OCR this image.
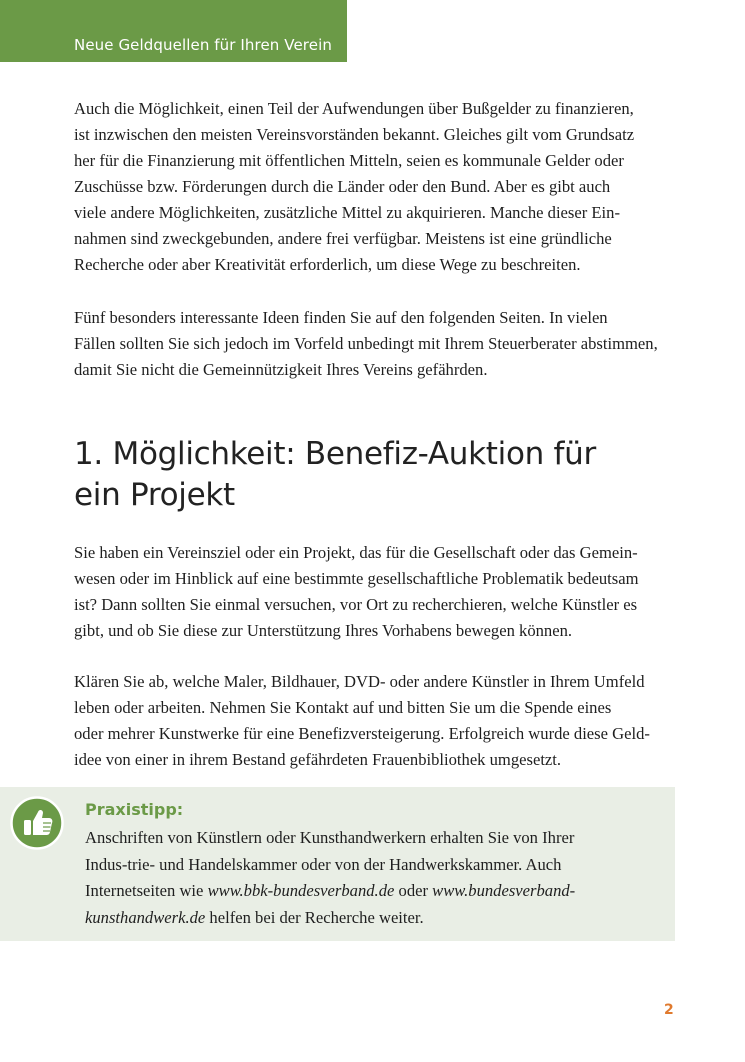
Neue Geldquellen für Ihren Verein

Auch die Möglichkeit, einen Teil der Aufwendungen über Bußgelder zu finanzieren,
ist inzwischen den meisten Vereinsvorständen bekannt. Gleiches gilt vom Grundsatz
her für die Finanzierung mit öffentlichen Mitteln, seien es kommunale Gelder oder
Zuschüsse bzw. Förderungen durch die Länder oder den Bund. Aber es gibt auch
viele andere Möglichkeiten, zusätzliche Mittel zu akquirieren. Manche dieser Ein-
nahmen sind zweckgebunden, andere frei verfügbar. Meistens ist eine gründliche
Recherche oder aber Kreativität erforderlich, um diese Wege zu beschreiten.

Fünf besonders interessante Ideen finden Sie auf den folgenden Seiten. In vielen
Fällen sollten Sie sich jedoch im Vorfeld unbedingt mit Ihrem Steuerberater abstimmen,
damit Sie nicht die Gemeinnützigkeit Ihres Vereins gefährden.

1. Möglichkeit: Benefiz-Auktion für
ein Projekt

Sie haben ein Vereinsziel oder ein Projekt, das für die Gesellschaft oder das Gemein-
wesen oder im Hinblick auf eine bestimmte gesellschaftliche Problematik bedeutsam
ist? Dann sollten Sie einmal versuchen, vor Ort zu recherchieren, welche Künstler es
gibt, und ob Sie diese zur Unterstützung Ihres Vorhabens bewegen können.

Klären Sie ab, welche Maler, Bildhauer, DVD- oder andere Künstler in Ihrem Umfeld
leben oder arbeiten. Nehmen Sie Kontakt auf und bitten Sie um die Spende eines
oder mehrer Kunstwerke für eine Benefizversteigerung. Erfolgreich wurde diese Geld-
idee von einer in ihrem Bestand gefährdeten Frauenbibliothek umgesetzt.

Praxistipp:

Anschriften von Künstlern oder Kunsthandwerkern erhalten Sie von Ihrer
Indus-trie- und Handelskammer oder von der Handwerkskammer. Auch
Internetseiten wie www.bbk-bundesverband.de oder www.bundesverband-
kunsthandwerk.de helfen bei der Recherche weiter.

2
